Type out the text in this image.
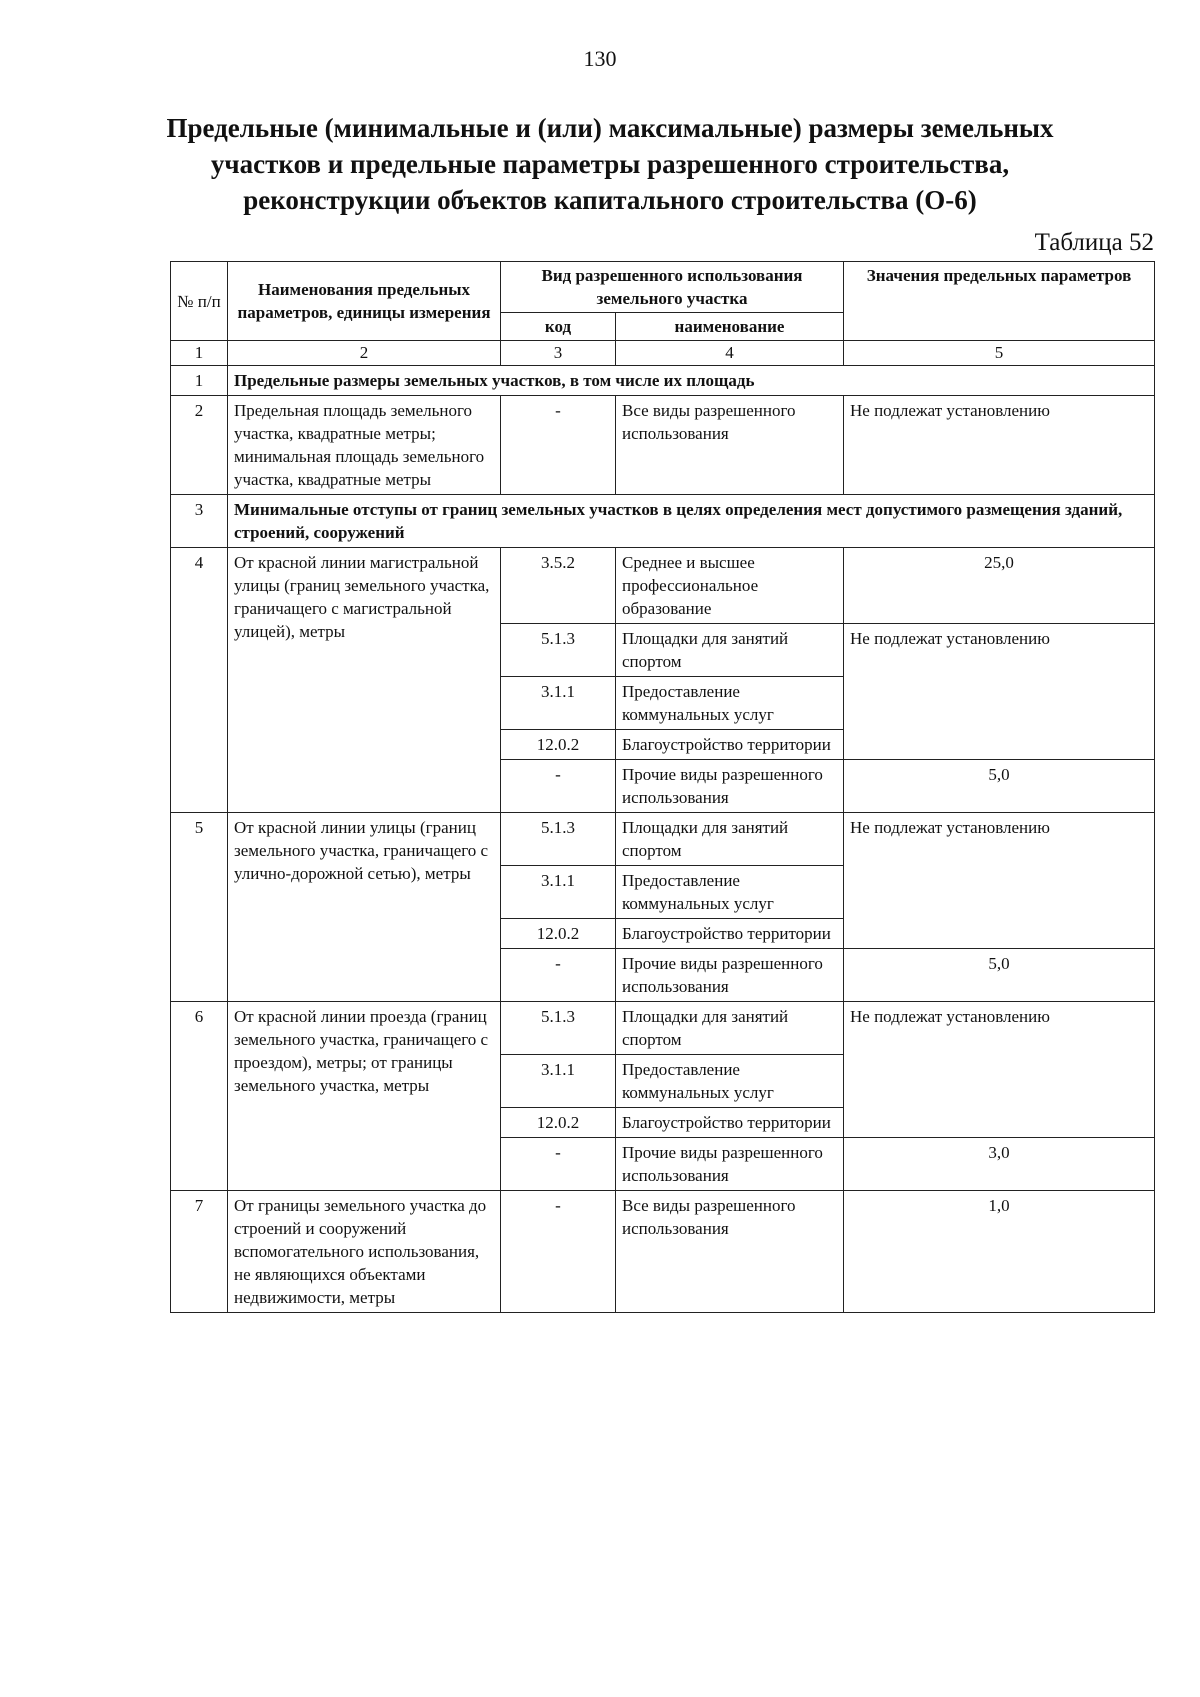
130
Предельные (минимальные и (или) максимальные) размеры земельных
участков и предельные параметры разрешенного строительства,
реконструкции объектов капитального строительства (О-6)
Таблица 52
№ п/п	Наименования предельных параметров, единицы измерения	Вид разрешенного использования земельного участка		Значения предельных параметров
		код	наименование	
1	2	3	4	5
1	Предельные размеры земельных участков, в том числе их площадь			
2	Предельная площадь земельного участка, квадратные метры; минимальная площадь земельного участка, квадратные метры	-	Все виды разрешенного использования	Не подлежат установлению
3	Минимальные отступы от границ земельных участков в целях определения мест допустимого размещения зданий, строений, сооружений			
4	От красной линии магистральной улицы (границ земельного участка, граничащего с магистральной улицей), метры	3.5.2	Среднее и высшее профессиональное образование	25,0
		5.1.3	Площадки для занятий спортом	Не подлежат установлению
		3.1.1	Предоставление коммунальных услуг	
		12.0.2	Благоустройство территории	
		-	Прочие виды разрешенного использования	5,0
5	От красной линии улицы (границ земельного участка, граничащего с улично-дорожной сетью), метры	5.1.3	Площадки для занятий спортом	Не подлежат установлению
		3.1.1	Предоставление коммунальных услуг	
		12.0.2	Благоустройство территории	
		-	Прочие виды разрешенного использования	5,0
6	От красной линии проезда (границ земельного участка, граничащего с проездом), метры; от границы земельного участка, метры	5.1.3	Площадки для занятий спортом	Не подлежат установлению
		3.1.1	Предоставление коммунальных услуг	
		12.0.2	Благоустройство территории	
		-	Прочие виды разрешенного использования	3,0
7	От границы земельного участка до строений и сооружений вспомогательного использования, не являющихся объектами недвижимости, метры	-	Все виды разрешенного использования	1,0
